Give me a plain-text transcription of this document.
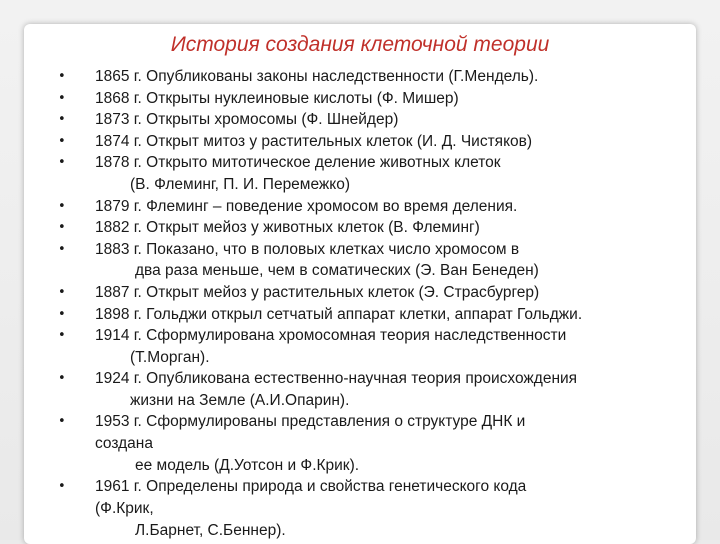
История создания клеточной теории
• 1865 г. Опубликованы законы наследственности (Г.Мендель).
• 1868 г. Открыты нуклеиновые кислоты (Ф. Мишер)
• 1873 г. Открыты хромосомы (Ф. Шнейдер)
• 1874 г. Открыт митоз у растительных клеток (И. Д. Чистяков)
• 1878 г. Открыто митотическое деление животных клеток
(В. Флеминг, П. И. Перемежко)
• 1879 г. Флеминг – поведение хромосом во время деления.
• 1882 г. Открыт мейоз у животных клеток (В. Флеминг)
• 1883 г. Показано, что в половых клетках число хромосом в
два раза меньше, чем в соматических (Э. Ван Бенеден)
• 1887 г. Открыт мейоз у растительных клеток (Э. Страсбургер)
• 1898 г. Гольджи открыл сетчатый аппарат клетки, аппарат Гольджи.
• 1914 г. Сформулирована хромосомная теория наследственности
(Т.Морган).
• 1924 г. Опубликована естественно-научная теория происхождения
жизни на Земле (А.И.Опарин).
• 1953 г. Сформулированы представления о структуре ДНК и
создана
ее модель (Д.Уотсон и Ф.Крик).
• 1961 г. Определены природа и свойства генетического кода
(Ф.Крик,
Л.Барнет, С.Беннер).
